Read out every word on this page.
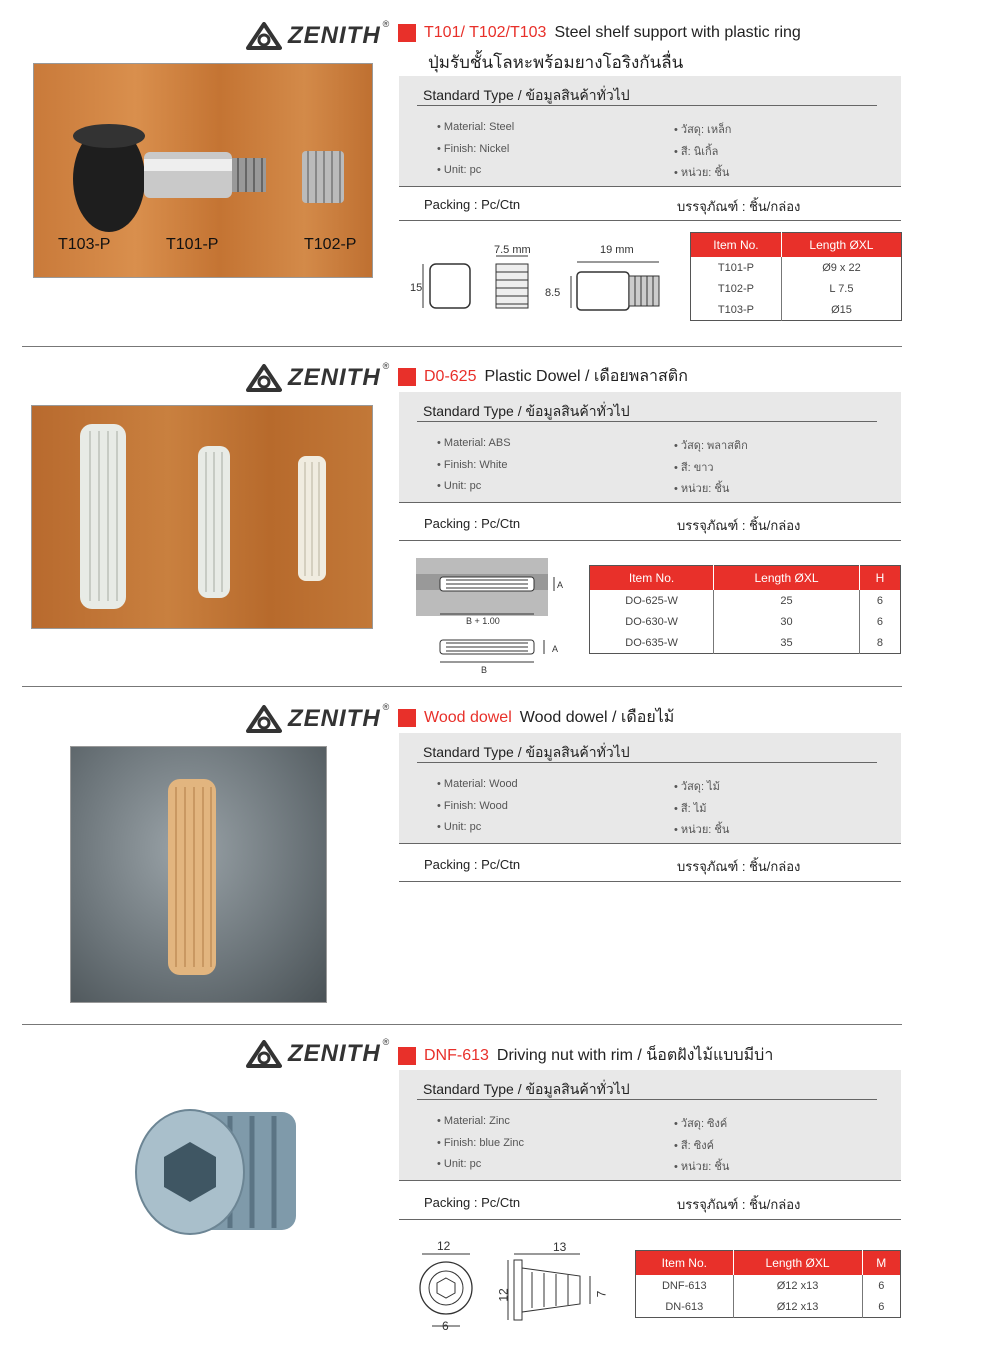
ZENITH ®
T103-P	T101-P	T102-P
T101/ T102/T103 Steel shelf support with plastic ring
ปุ่มรับชั้นโลหะพร้อมยางโอริงกันลื่น
Standard Type / ข้อมูลสินค้าทั่วไป
• Material: Steel
• Finish: Nickel
• Unit: pc
• วัสดุ: เหล็ก
• สี: นิเกิ้ล
• หน่วย: ชิ้น
Packing : Pc/Ctn	บรรจุภัณฑ์ : ชิ้น/กล่อง
15
7.5 mm	19 mm
8.5
Item No.	Length ØXL
T101-P	Ø9 x 22
T102-P	L 7.5
T103-P	Ø15
ZENITH ®
D0-625 Plastic Dowel / เดือยพลาสติก
Standard Type / ข้อมูลสินค้าทั่วไป
• Material: ABS
• Finish: White
• Unit: pc
• วัสดุ: พลาสติก
• สี: ขาว
• หน่วย: ชิ้น
Packing : Pc/Ctn	บรรจุภัณฑ์ : ชิ้น/กล่อง
A
B + 1.00
A
B
Item No.	Length ØXL	H
DO-625-W	25	6
DO-630-W	30	6
DO-635-W	35	8
ZENITH ®
Wood dowel Wood dowel / เดือยไม้
Standard Type / ข้อมูลสินค้าทั่วไป
• Material: Wood
• Finish: Wood
• Unit: pc
• วัสดุ: ไม้
• สี: ไม้
• หน่วย: ชิ้น
Packing : Pc/Ctn	บรรจุภัณฑ์ : ชิ้น/กล่อง
ZENITH ®
DNF-613 Driving nut with rim / น็อตฝังไม้แบบมีบ่า
Standard Type / ข้อมูลสินค้าทั่วไป
• Material: Zinc
• Finish: blue Zinc
• Unit: pc
• วัสดุ: ซิงค์
• สี: ซิงค์
• หน่วย: ชิ้น
Packing : Pc/Ctn	บรรจุภัณฑ์ : ชิ้น/กล่อง
12
6
13
12	7
Item No.	Length ØXL	M
DNF-613	Ø12 x13	6
DN-613	Ø12 x13	6
